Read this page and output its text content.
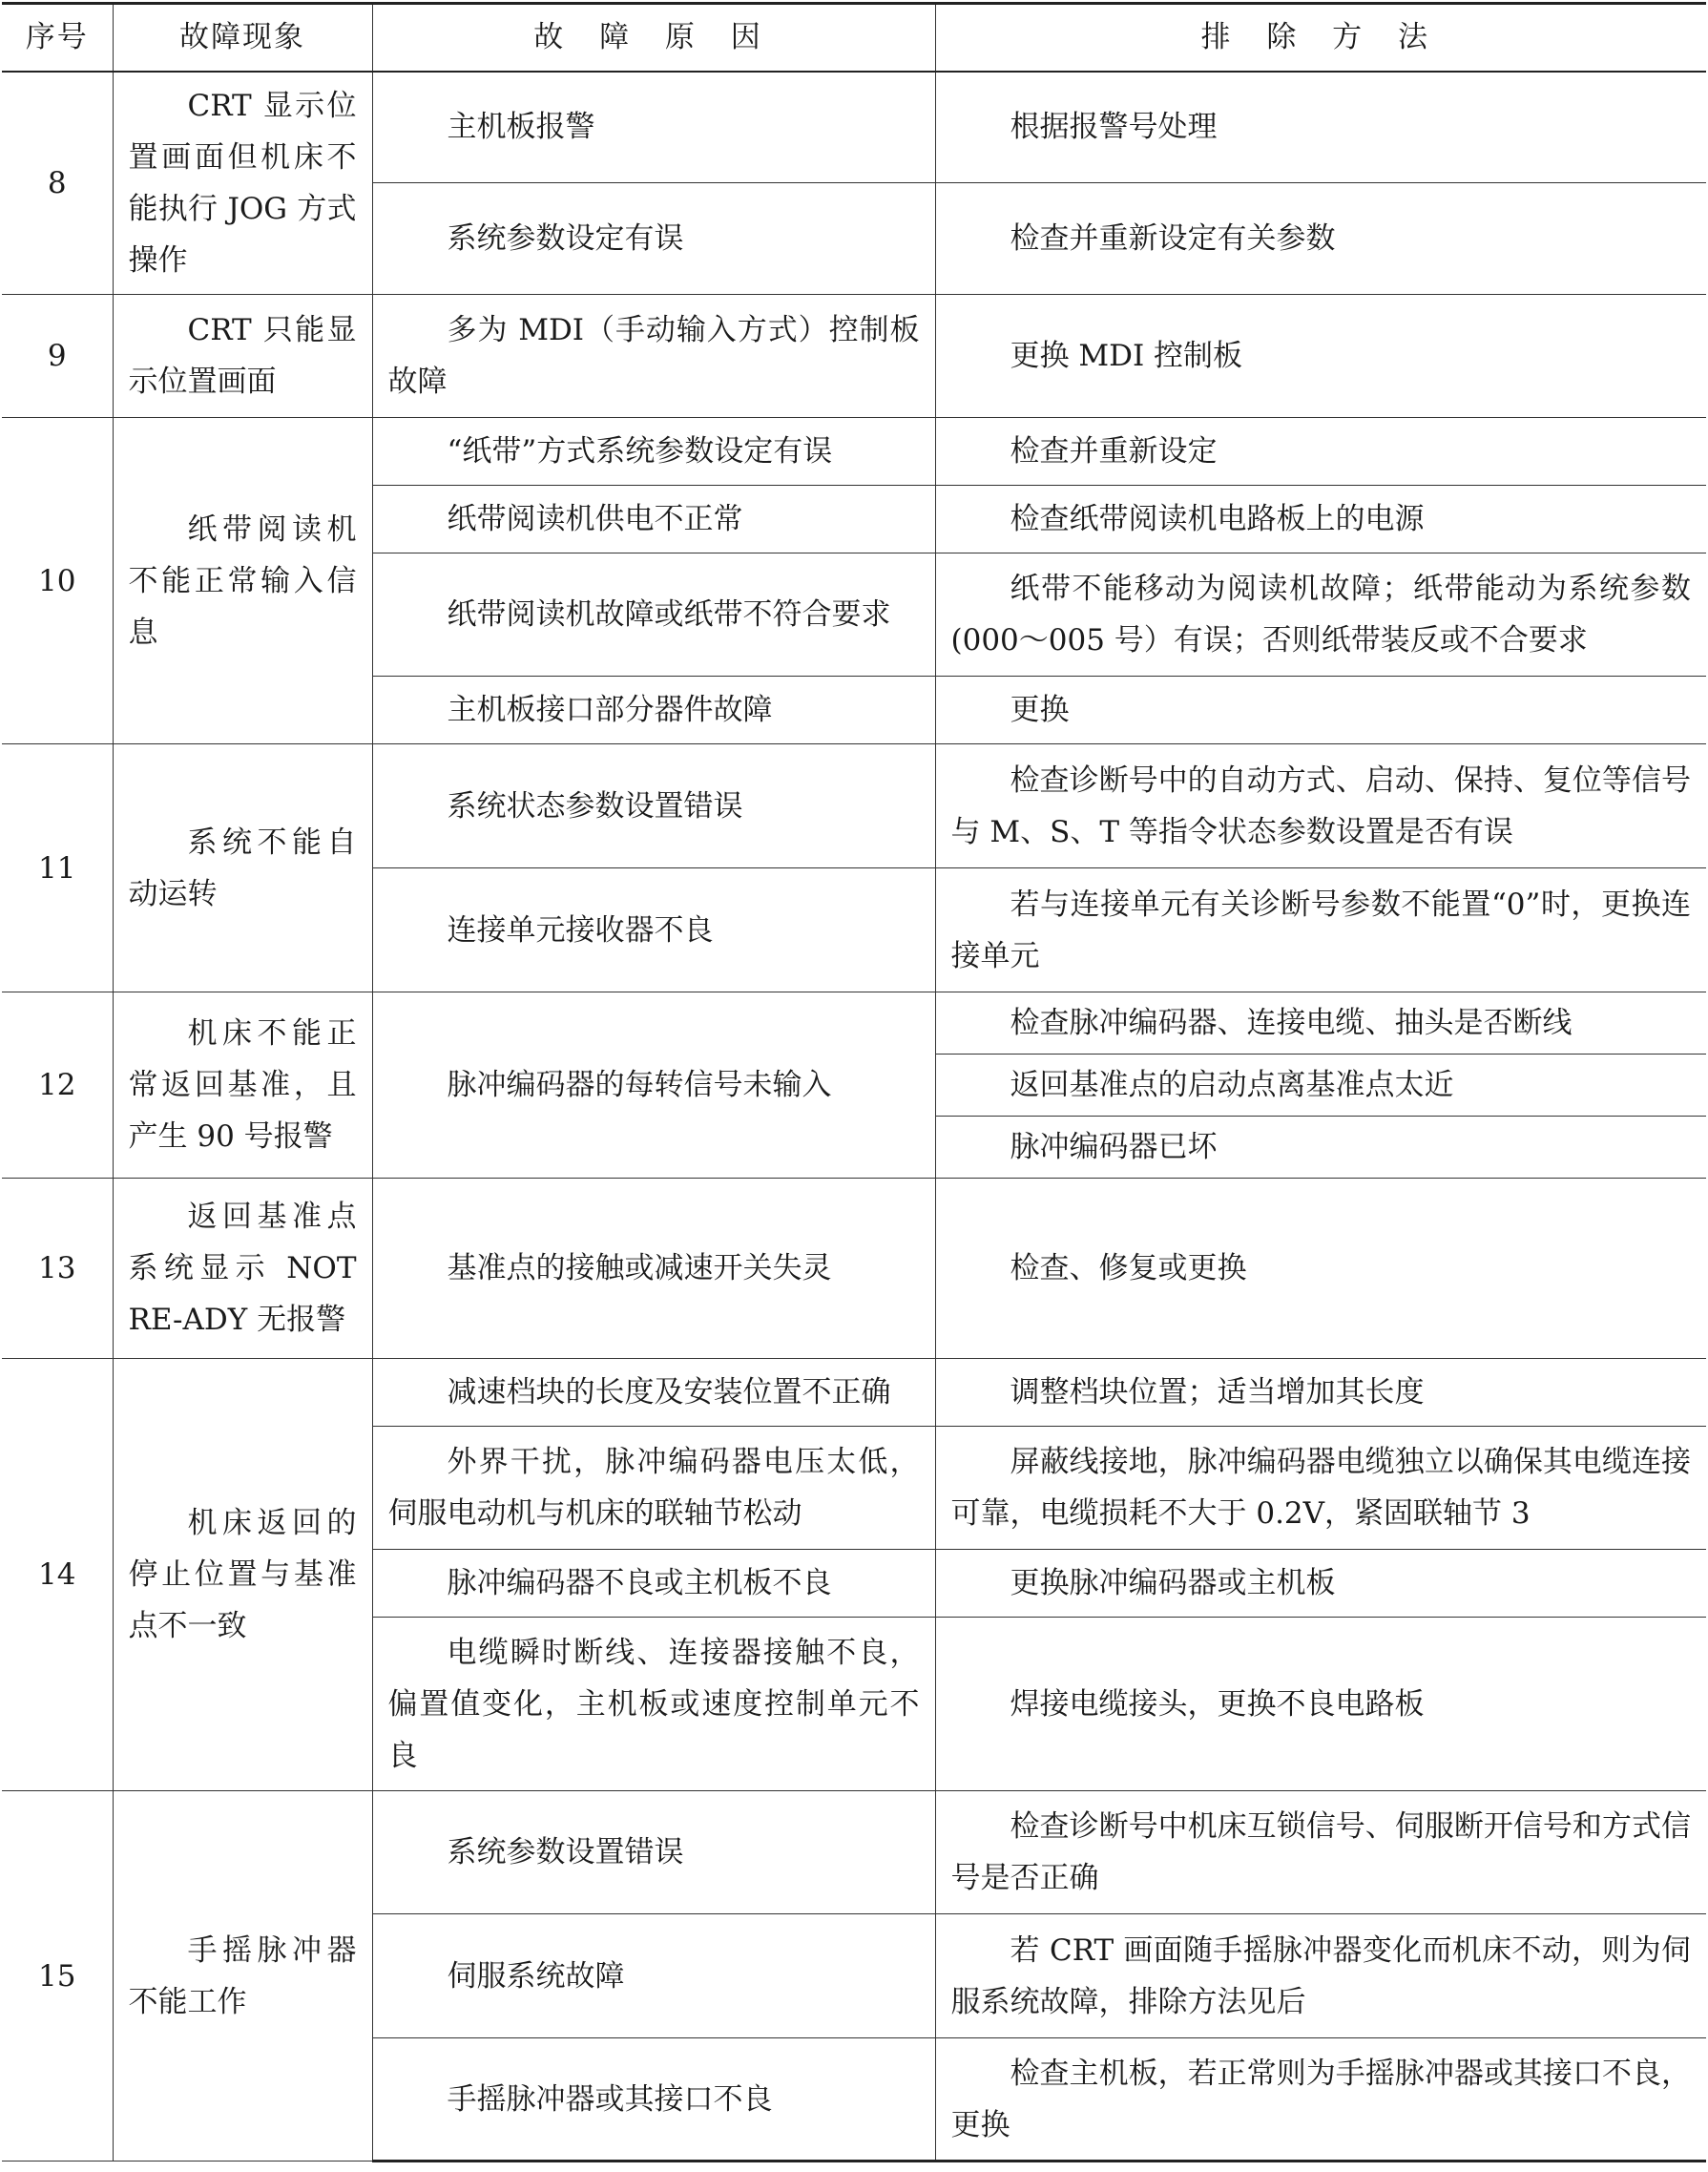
序号	故障现象	故 障 原 因	排 除 方 法
8	CRT 显示位置画面但机床不能执行 JOG 方式操作	主机板报警	根据报警号处理
		系统参数设定有误	检查并重新设定有关参数
9	CRT 只能显示位置画面	多为 MDI（手动输入方式）控制板故障	更换 MDI 控制板
10	纸带阅读机不能正常输入信息	“纸带”方式系统参数设定有误	检查并重新设定
		纸带阅读机供电不正常	检查纸带阅读机电路板上的电源
		纸带阅读机故障或纸带不符合要求	纸带不能移动为阅读机故障；纸带能动为系统参数(000～005 号）有误；否则纸带装反或不合要求
		主机板接口部分器件故障	更换
11	系统不能自动运转	系统状态参数设置错误	检查诊断号中的自动方式、启动、保持、复位等信号与 M、S、T 等指令状态参数设置是否有误
		连接单元接收器不良	若与连接单元有关诊断号参数不能置“0”时，更换连接单元
12	机床不能正常返回基准，且产生 90 号报警	脉冲编码器的每转信号未输入	检查脉冲编码器、连接电缆、抽头是否断线
			返回基准点的启动点离基准点太近
			脉冲编码器已坏
13	返回基准点系统显示 NOT RE-ADY 无报警	基准点的接触或减速开关失灵	检查、修复或更换
14	机床返回的停止位置与基准点不一致	减速档块的长度及安装位置不正确	调整档块位置；适当增加其长度
		外界干扰，脉冲编码器电压太低，伺服电动机与机床的联轴节松动	屏蔽线接地，脉冲编码器电缆独立以确保其电缆连接可靠，电缆损耗不大于 0.2V，紧固联轴节 3
		脉冲编码器不良或主机板不良	更换脉冲编码器或主机板
		电缆瞬时断线、连接器接触不良，偏置值变化，主机板或速度控制单元不良	焊接电缆接头，更换不良电路板
15	手摇脉冲器不能工作	系统参数设置错误	检查诊断号中机床互锁信号、伺服断开信号和方式信号是否正确
		伺服系统故障	若 CRT 画面随手摇脉冲器变化而机床不动，则为伺服系统故障，排除方法见后
		手摇脉冲器或其接口不良	检查主机板，若正常则为手摇脉冲器或其接口不良，更换
